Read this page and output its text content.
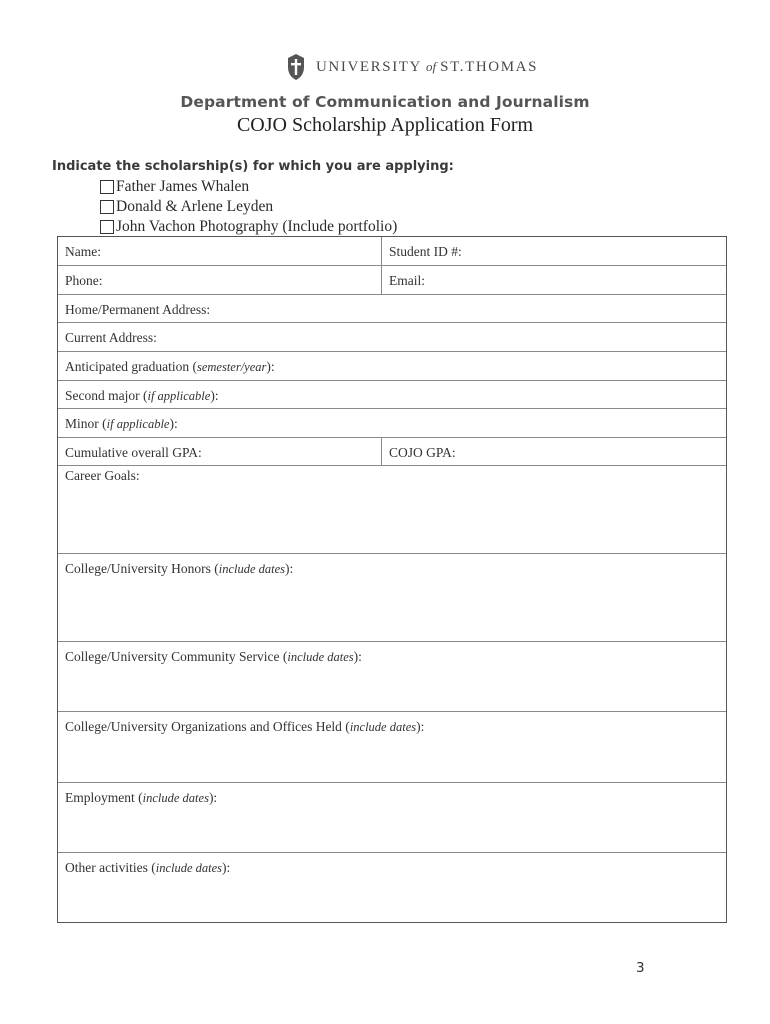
UNIVERSITY of ST.THOMAS
Department of Communication and Journalism
COJO Scholarship Application Form
Indicate the scholarship(s) for which you are applying:
Father James Whalen
Donald & Arlene Leyden
John Vachon Photography (Include portfolio)
Name:	Student ID #:
Phone:	Email:
Home/Permanent Address:
Current Address:
Anticipated graduation (semester/year):
Second major (if applicable):
Minor (if applicable):
Cumulative overall GPA:	COJO GPA:
Career Goals:
College/University Honors (include dates):
College/University Community Service (include dates):
College/University Organizations and Offices Held (include dates):
Employment (include dates):
Other activities (include dates):
3
